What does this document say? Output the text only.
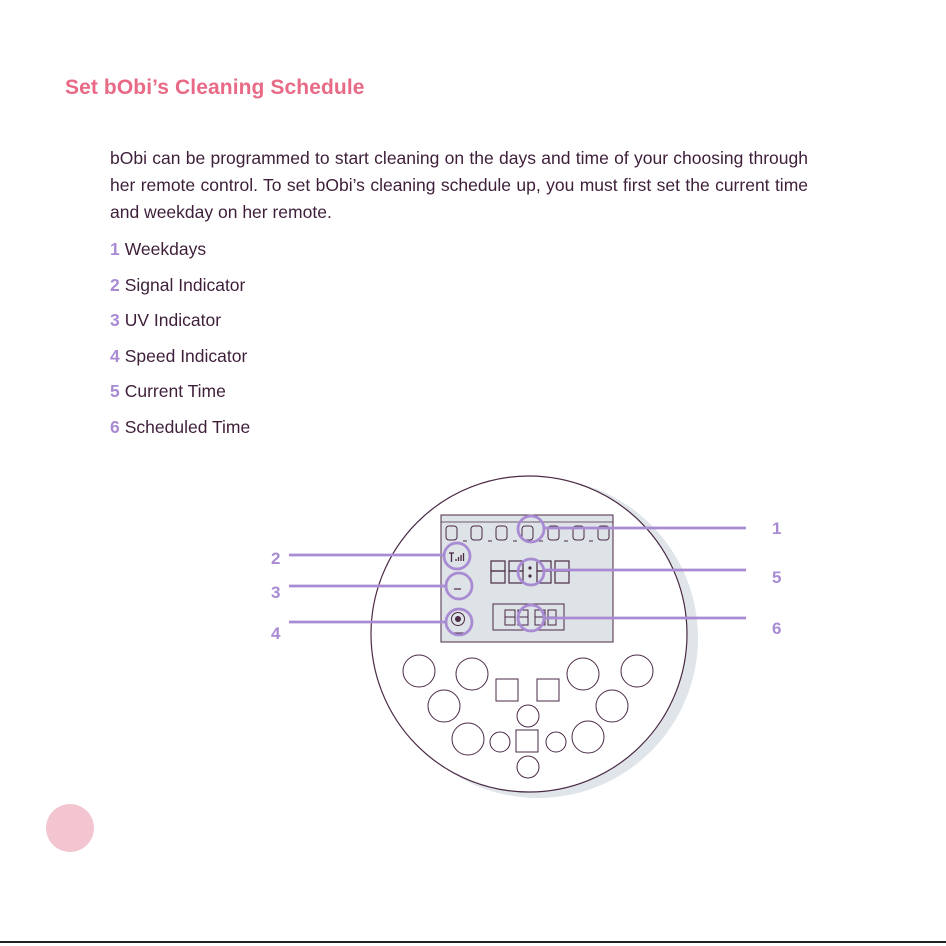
Set bObi’s Cleaning Schedule

bObi can be programmed to start cleaning on the days and time of your choosing through her remote control. To set bObi’s cleaning schedule up, you must first set the current time and weekday on her remote.

1 Weekdays
2 Signal Indicator
3 UV Indicator
4 Speed Indicator
5 Current Time
6 Scheduled Time
1
2
3
4
5
6
